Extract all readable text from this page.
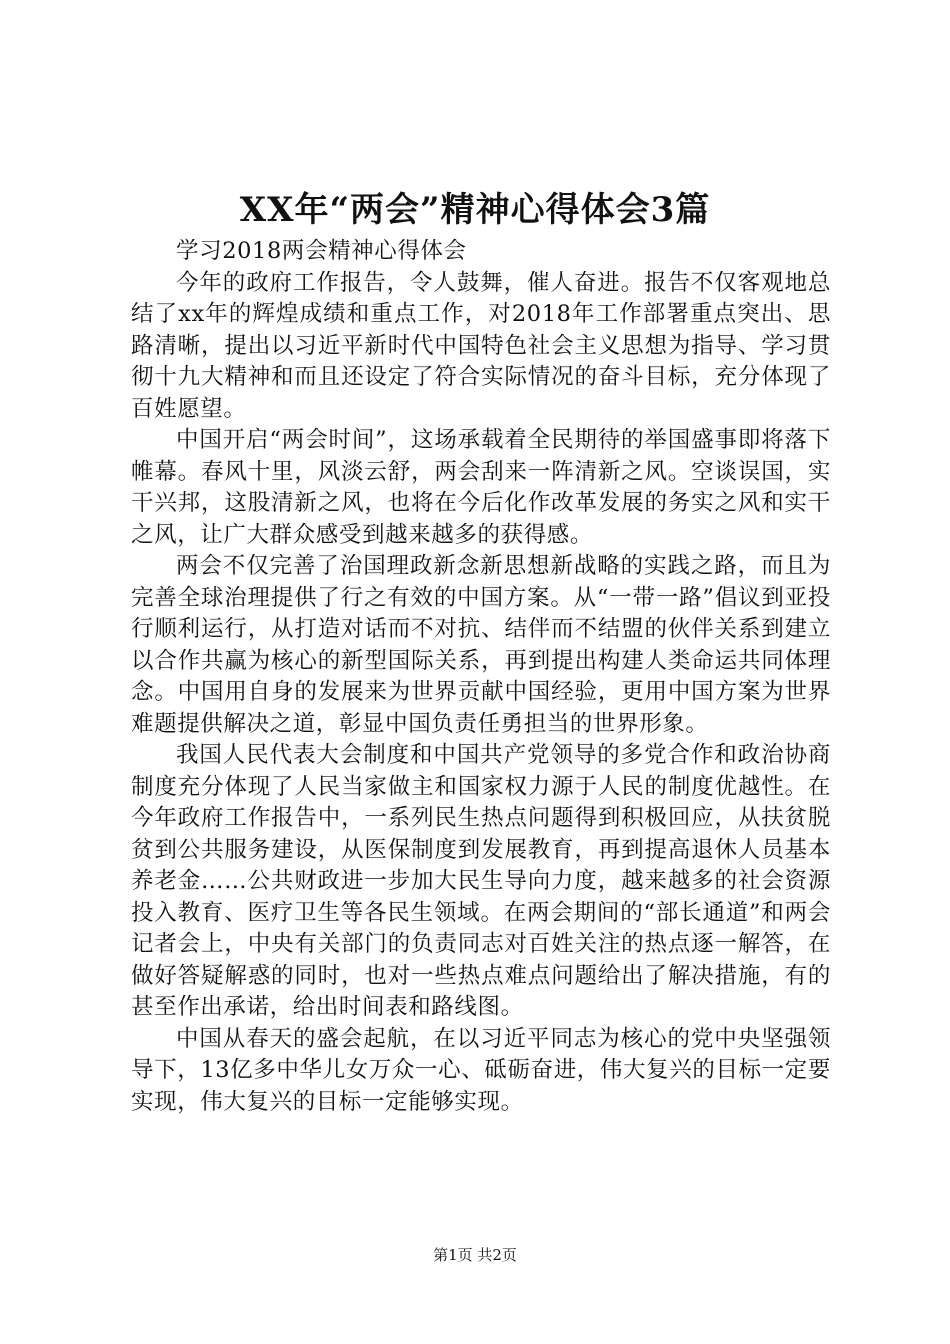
XX年“两会”精神心得体会3篇

学习2018两会精神心得体会

今年的政府工作报告，令人鼓舞，催人奋进。报告不仅客观地总结了xx年的辉煌成绩和重点工作，对2018年工作部署重点突出、思路清晰，提出以习近平新时代中国特色社会主义思想为指导、学习贯彻十九大精神和而且还设定了符合实际情况的奋斗目标，充分体现了百姓愿望。

中国开启“两会时间”，这场承载着全民期待的举国盛事即将落下帷幕。春风十里，风淡云舒，两会刮来一阵清新之风。空谈误国，实干兴邦，这股清新之风，也将在今后化作改革发展的务实之风和实干之风，让广大群众感受到越来越多的获得感。

两会不仅完善了治国理政新念新思想新战略的实践之路，而且为完善全球治理提供了行之有效的中国方案。从“一带一路”倡议到亚投行顺利运行，从打造对话而不对抗、结伴而不结盟的伙伴关系到建立以合作共赢为核心的新型国际关系，再到提出构建人类命运共同体理念。中国用自身的发展来为世界贡献中国经验，更用中国方案为世界难题提供解决之道，彰显中国负责任勇担当的世界形象。

我国人民代表大会制度和中国共产党领导的多党合作和政治协商制度充分体现了人民当家做主和国家权力源于人民的制度优越性。在今年政府工作报告中，一系列民生热点问题得到积极回应，从扶贫脱贫到公共服务建设，从医保制度到发展教育，再到提高退休人员基本养老金……公共财政进一步加大民生导向力度，越来越多的社会资源投入教育、医疗卫生等各民生领域。在两会期间的“部长通道”和两会记者会上，中央有关部门的负责同志对百姓关注的热点逐一解答，在做好答疑解惑的同时，也对一些热点难点问题给出了解决措施，有的甚至作出承诺，给出时间表和路线图。

中国从春天的盛会起航，在以习近平同志为核心的党中央坚强领导下，13亿多中华儿女万众一心、砥砺奋进，伟大复兴的目标一定要实现，伟大复兴的目标一定能够实现。

第1页 共2页
